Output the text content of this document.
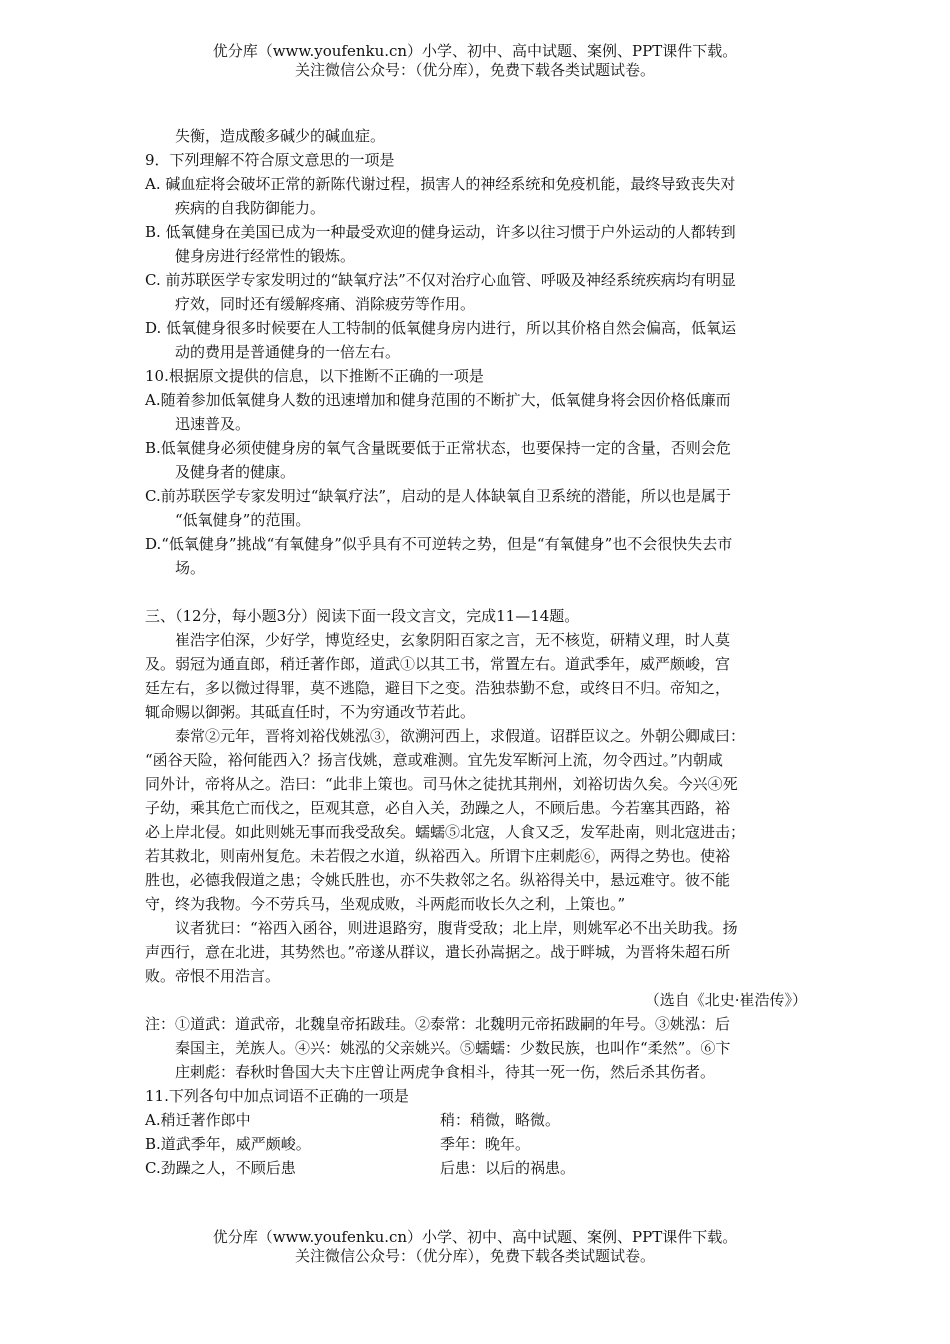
优分库（www.youfenku.cn）小学、初中、高中试题、案例、PPT课件下载。
关注微信公众号：（优分库），免费下载各类试题试卷。
失衡，造成酸多碱少的碱血症。
9．下列理解不符合原文意思的一项是
A. 碱血症将会破坏正常的新陈代谢过程，损害人的神经系统和免疫机能，最终导致丧失对
疾病的自我防御能力。
B. 低氧健身在美国已成为一种最受欢迎的健身运动，许多以往习惯于户外运动的人都转到
健身房进行经常性的锻炼。
C. 前苏联医学专家发明过的“缺氧疗法”不仅对治疗心血管、呼吸及神经系统疾病均有明显
疗效，同时还有缓解疼痛、消除疲劳等作用。
D. 低氧健身很多时候要在人工特制的低氧健身房内进行，所以其价格自然会偏高，低氧运
动的费用是普通健身的一倍左右。
10.根据原文提供的信息，以下推断不正确的一项是
A.随着参加低氧健身人数的迅速增加和健身范围的不断扩大，低氧健身将会因价格低廉而
迅速普及。
B.低氧健身必须使健身房的氧气含量既要低于正常状态，也要保持一定的含量，否则会危
及健身者的健康。
C.前苏联医学专家发明过“缺氧疗法”，启动的是人体缺氧自卫系统的潜能，所以也是属于
“低氧健身”的范围。
D.“低氧健身”挑战“有氧健身”似乎具有不可逆转之势，但是“有氧健身”也不会很快失去市
场。
三、（12分，每小题3分）阅读下面一段文言文，完成11—14题。
崔浩字伯深，少好学，博览经史，玄象阴阳百家之言，无不核览，研精义理，时人莫
及。弱冠为通直郎，稍迁著作郎，道武①以其工书，常置左右。道武季年，威严颇峻，宫
廷左右，多以微过得罪，莫不逃隐，避目下之变。浩独恭勤不怠，或终日不归。帝知之，
辄命赐以御粥。其砥直任时，不为穷通改节若此。
泰常②元年，晋将刘裕伐姚泓③，欲溯河西上，求假道。诏群臣议之。外朝公卿咸曰：
“函谷天险，裕何能西入？扬言伐姚，意或难测。宜先发军断河上流，勿令西过。”内朝咸
同外计，帝将从之。浩曰：“此非上策也。司马休之徒扰其荆州，刘裕切齿久矣。今兴④死
子幼，乘其危亡而伐之，臣观其意，必自入关，劲躁之人，不顾后患。今若塞其西路，裕
必上岸北侵。如此则姚无事而我受敌矣。蠕蠕⑤北寇，人食又乏，发军赴南，则北寇进击；
若其救北，则南州复危。未若假之水道，纵裕西入。所谓卞庄刺彪⑥，两得之势也。使裕
胜也，必德我假道之患；令姚氏胜也，亦不失救邻之名。纵裕得关中，悬远难守。彼不能
守，终为我物。今不劳兵马，坐观成败，斗两彪而收长久之利，上策也。”
议者犹曰：“裕西入函谷，则进退路穷，腹背受敌；北上岸，则姚军必不出关助我。扬
声西行，意在北进，其势然也。”帝遂从群议，遣长孙嵩据之。战于畔城，为晋将朱超石所
败。帝恨不用浩言。
（选自《北史·崔浩传》）
注：①道武：道武帝，北魏皇帝拓跋珪。②泰常：北魏明元帝拓跋嗣的年号。③姚泓：后
秦国主，羌族人。④兴：姚泓的父亲姚兴。⑤蠕蠕：少数民族，也叫作“柔然”。⑥卞
庄刺彪：春秋时鲁国大夫卞庄曾让两虎争食相斗，待其一死一伤，然后杀其伤者。
11.下列各句中加点词语不正确的一项是
A.稍迁著作郎中	稍：稍微，略微。
B.道武季年，威严颇峻。	季年：晚年。
C.劲躁之人，不顾后患	后患：以后的祸患。
优分库（www.youfenku.cn）小学、初中、高中试题、案例、PPT课件下载。
关注微信公众号：（优分库），免费下载各类试题试卷。
